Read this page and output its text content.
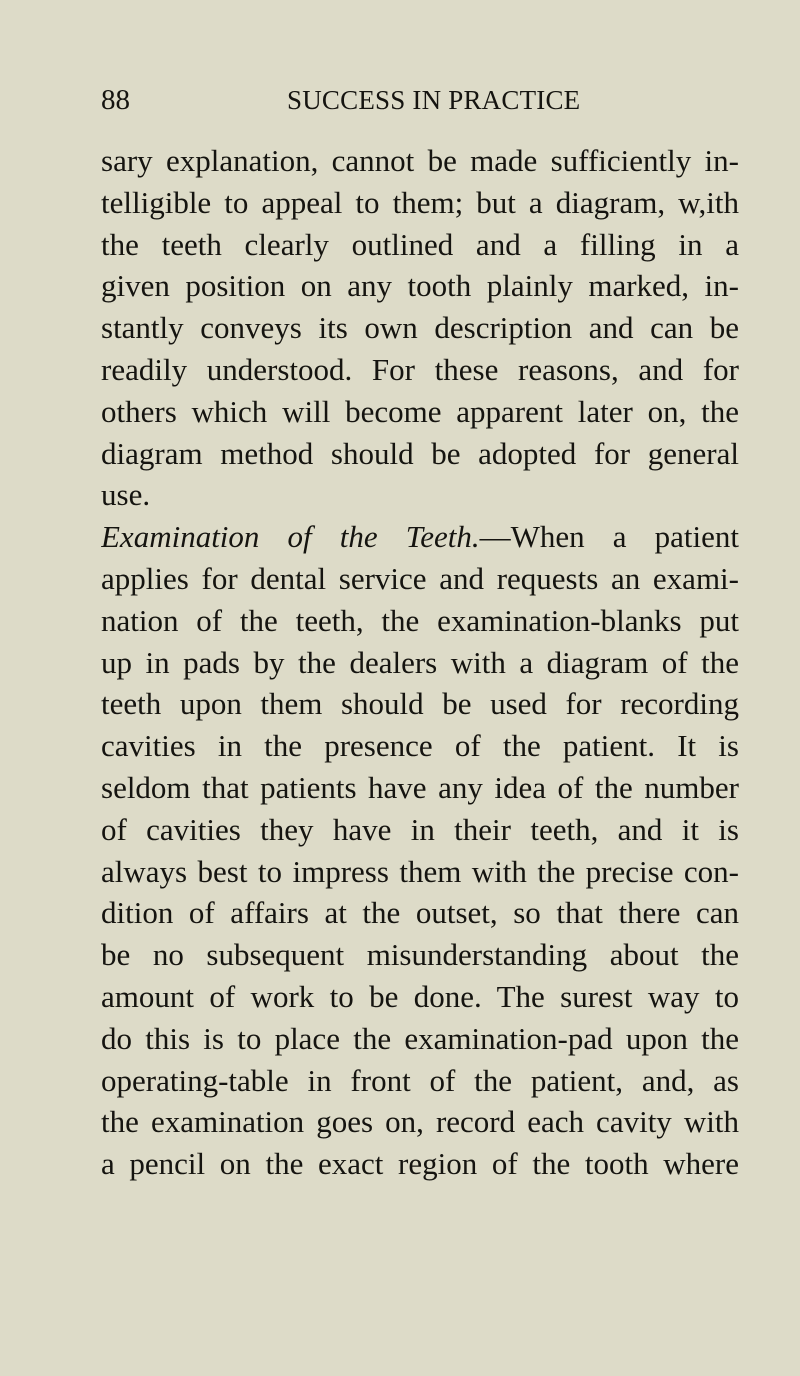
88	SUCCESS IN PRACTICE
sary explanation, cannot be made sufficiently in-
telligible to appeal to them; but a diagram, w,ith
the teeth clearly outlined and a filling in a
given position on any tooth plainly marked, in-
stantly conveys its own description and can be
readily understood. For these reasons, and for
others which will become apparent later on, the
diagram method should be adopted for general
use.
Examination of the Teeth.—When a patient
applies for dental service and requests an exami-
nation of the teeth, the examination-blanks put
up in pads by the dealers with a diagram of the
teeth upon them should be used for recording
cavities in the presence of the patient. It is
seldom that patients have any idea of the number
of cavities they have in their teeth, and it is
always best to impress them with the precise con-
dition of affairs at the outset, so that there can
be no subsequent misunderstanding about the
amount of work to be done. The surest way to
do this is to place the examination-pad upon the
operating-table in front of the patient, and, as
the examination goes on, record each cavity with
a pencil on the exact region of the tooth where
